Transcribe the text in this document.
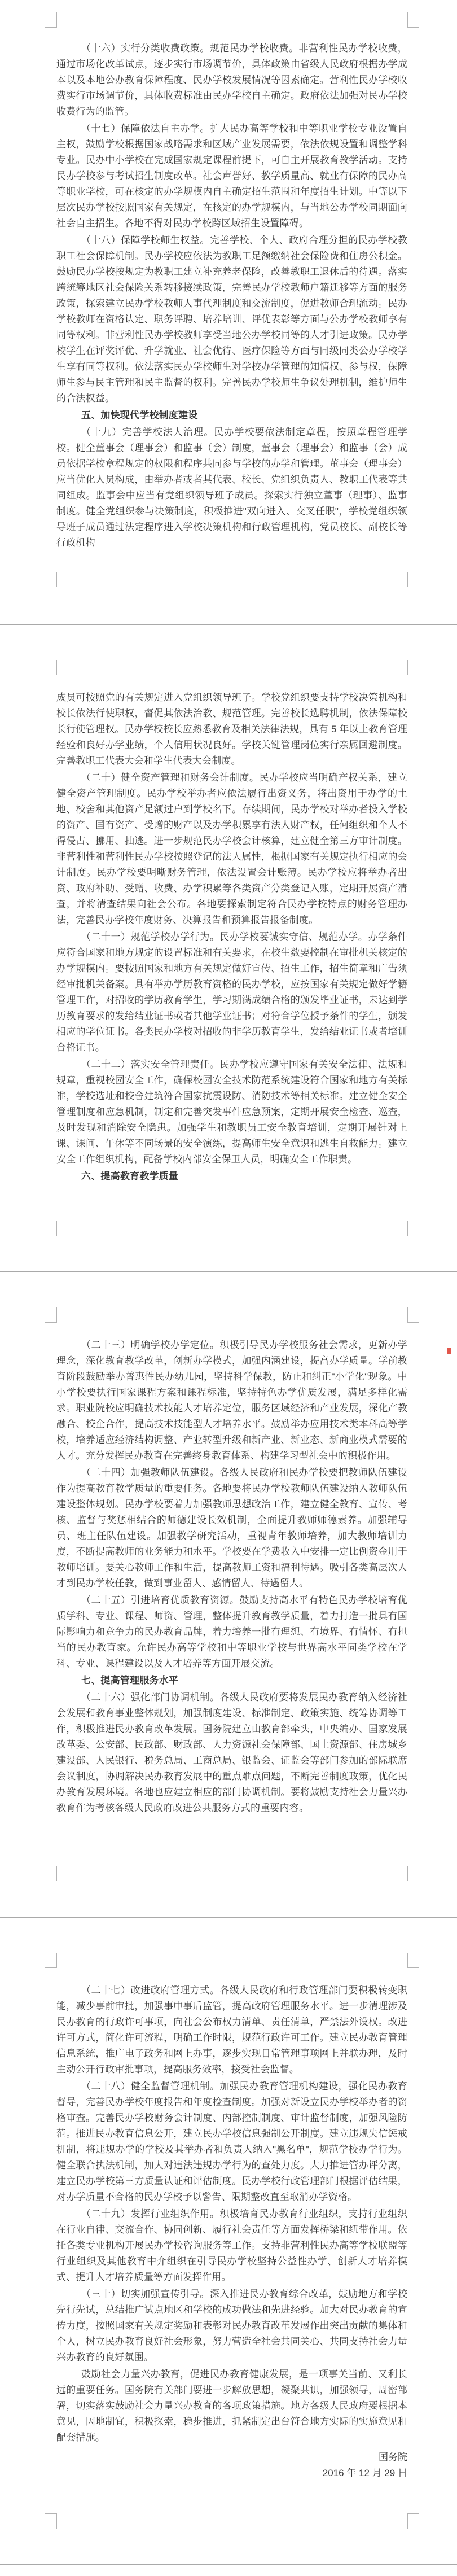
（十六）实行分类收费政策。规范民办学校收费。非营利性民办学校收费，通过市场化改革试点，逐步实行市场调节价，具体政策由省级人民政府根据办学成本以及本地公办教育保障程度、民办学校发展情况等因素确定。营利性民办学校收费实行市场调节价，具体收费标准由民办学校自主确定。政府依法加强对民办学校收费行为的监管。
（十七）保障依法自主办学。扩大民办高等学校和中等职业学校专业设置自主权，鼓励学校根据国家战略需求和区域产业发展需要，依法依规设置和调整学科专业。民办中小学校在完成国家规定课程前提下，可自主开展教育教学活动。支持民办学校参与考试招生制度改革。社会声誉好、教学质量高、就业有保障的民办高等职业学校，可在核定的办学规模内自主确定招生范围和年度招生计划。中等以下层次民办学校按照国家有关规定，在核定的办学规模内，与当地公办学校同期面向社会自主招生。各地不得对民办学校跨区域招生设置障碍。
（十八）保障学校师生权益。完善学校、个人、政府合理分担的民办学校教职工社会保障机制。民办学校应依法为教职工足额缴纳社会保险费和住房公积金。鼓励民办学校按规定为教职工建立补充养老保险，改善教职工退休后的待遇。落实跨统筹地区社会保险关系转移接续政策，完善民办学校教师户籍迁移等方面的服务政策，探索建立民办学校教师人事代理制度和交流制度，促进教师合理流动。民办学校教师在资格认定、职务评聘、培养培训、评优表彰等方面与公办学校教师享有同等权利。非营利性民办学校教师享受当地公办学校同等的人才引进政策。民办学校学生在评奖评优、升学就业、社会优待、医疗保险等方面与同级同类公办学校学生享有同等权利。依法落实民办学校师生对学校办学管理的知情权、参与权，保障师生参与民主管理和民主监督的权利。完善民办学校师生争议处理机制，维护师生的合法权益。
五、加快现代学校制度建设
（十九）完善学校法人治理。民办学校要依法制定章程，按照章程管理学校。健全董事会（理事会）和监事（会）制度，董事会（理事会）和监事（会）成员依据学校章程规定的权限和程序共同参与学校的办学和管理。董事会（理事会）应当优化人员构成，由举办者或者其代表、校长、党组织负责人、教职工代表等共同组成。监事会中应当有党组织领导班子成员。探索实行独立董事（理事）、监事制度。健全党组织参与决策制度，积极推进"双向进入、交叉任职"，学校党组织领导班子成员通过法定程序进入学校决策机构和行政管理机构，党员校长、副校长等行政机构
成员可按照党的有关规定进入党组织领导班子。学校党组织要支持学校决策机构和校长依法行使职权，督促其依法治教、规范管理。完善校长选聘机制，依法保障校长行使管理权。民办学校校长应熟悉教育及相关法律法规，具有 5 年以上教育管理经验和良好办学业绩，个人信用状况良好。学校关键管理岗位实行亲属回避制度。完善教职工代表大会和学生代表大会制度。
（二十）健全资产管理和财务会计制度。民办学校应当明确产权关系，建立健全资产管理制度。民办学校举办者应依法履行出资义务，将出资用于办学的土地、校舍和其他资产足额过户到学校名下。存续期间，民办学校对举办者投入学校的资产、国有资产、受赠的财产以及办学积累享有法人财产权，任何组织和个人不得侵占、挪用、抽逃。进一步规范民办学校会计核算，建立健全第三方审计制度。非营利性和营利性民办学校按照登记的法人属性，根据国家有关规定执行相应的会计制度。民办学校要明晰财务管理，依法设置会计账簿。民办学校应将举办者出资、政府补助、受赠、收费、办学积累等各类资产分类登记入账，定期开展资产清查，并将清查结果向社会公布。各地要探索制定符合民办学校特点的财务管理办法，完善民办学校年度财务、决算报告和预算报告报备制度。
（二十一）规范学校办学行为。民办学校要诚实守信、规范办学。办学条件应符合国家和地方规定的设置标准和有关要求，在校生数要控制在审批机关核定的办学规模内。要按照国家和地方有关规定做好宣传、招生工作，招生简章和广告须经审批机关备案。具有举办学历教育资格的民办学校，应按国家有关规定做好学籍管理工作，对招收的学历教育学生，学习期满成绩合格的颁发毕业证书，未达到学历教育要求的发给结业证书或者其他学业证书；对符合学位授予条件的学生，颁发相应的学位证书。各类民办学校对招收的非学历教育学生，发给结业证书或者培训合格证书。
（二十二）落实安全管理责任。民办学校应遵守国家有关安全法律、法规和规章，重视校园安全工作，确保校园安全技术防范系统建设符合国家和地方有关标准，学校选址和校舍建筑符合国家抗震设防、消防技术等相关标准。建立健全安全管理制度和应急机制，制定和完善突发事件应急预案，定期开展安全检查、巡查，及时发现和消除安全隐患。加强学生和教职员工安全教育培训，定期开展针对上课、课间、午休等不同场景的安全演练，提高师生安全意识和逃生自救能力。建立安全工作组织机构，配备学校内部安全保卫人员，明确安全工作职责。
六、提高教育教学质量
（二十三）明确学校办学定位。积极引导民办学校服务社会需求，更新办学理念，深化教育教学改革，创新办学模式，加强内涵建设，提高办学质量。学前教育阶段鼓励举办普惠性民办幼儿园，坚持科学保教，防止和纠正"小学化"现象。中小学校要执行国家课程方案和课程标准，坚持特色办学优质发展，满足多样化需求。职业院校应明确技术技能人才培养定位，服务区域经济和产业发展，深化产教融合、校企合作，提高技术技能型人才培养水平。鼓励举办应用技术类本科高等学校，培养适应经济结构调整、产业转型升级和新产业、新业态、新商业模式需要的人才。充分发挥民办教育在完善终身教育体系、构建学习型社会中的积极作用。
（二十四）加强教师队伍建设。各级人民政府和民办学校要把教师队伍建设作为提高教育教学质量的重要任务。各地要将民办学校教师队伍建设纳入教师队伍建设整体规划。民办学校要着力加强教师思想政治工作，建立健全教育、宣传、考核、监督与奖惩相结合的师德建设长效机制，全面提升教师师德素养。加强辅导员、班主任队伍建设。加强教学研究活动，重视青年教师培养，加大教师培训力度，不断提高教师的业务能力和水平。学校要在学费收入中安排一定比例资金用于教师培训。要关心教师工作和生活，提高教师工资和福利待遇。吸引各类高层次人才到民办学校任教，做到事业留人、感情留人、待遇留人。
（二十五）引进培育优质教育资源。鼓励支持高水平有特色民办学校培育优质学科、专业、课程、师资、管理，整体提升教育教学质量，着力打造一批具有国际影响力和竞争力的民办教育品牌，着力培养一批有理想、有境界、有情怀、有担当的民办教育家。允许民办高等学校和中等职业学校与世界高水平同类学校在学科、专业、课程建设以及人才培养等方面开展交流。
七、提高管理服务水平
（二十六）强化部门协调机制。各级人民政府要将发展民办教育纳入经济社会发展和教育事业整体规划，加强制度建设、标准制定、政策实施、统筹协调等工作，积极推进民办教育改革发展。国务院建立由教育部牵头，中央编办、国家发展改革委、公安部、民政部、财政部、人力资源社会保障部、国土资源部、住房城乡建设部、人民银行、税务总局、工商总局、银监会、证监会等部门参加的部际联席会议制度，协调解决民办教育发展中的重点难点问题，不断完善制度政策，优化民办教育发展环境。各地也应建立相应的部门协调机制。要将鼓励支持社会力量兴办教育作为考核各级人民政府改进公共服务方式的重要内容。
（二十七）改进政府管理方式。各级人民政府和行政管理部门要积极转变职能，减少事前审批，加强事中事后监管，提高政府管理服务水平。进一步清理涉及民办教育的行政许可事项，向社会公布权力清单、责任清单，严禁法外设权。改进许可方式，简化许可流程，明确工作时限，规范行政许可工作。建立民办教育管理信息系统，推广电子政务和网上办事，逐步实现日常管理事项网上并联办理，及时主动公开行政审批事项，提高服务效率，接受社会监督。
（二十八）健全监督管理机制。加强民办教育管理机构建设，强化民办教育督导，完善民办学校年度报告和年度检查制度。加强对新设立民办学校举办者的资格审查。完善民办学校财务会计制度、内部控制制度、审计监督制度，加强风险防范。推进民办教育信息公开，建立民办学校信息强制公开制度。建立违规失信惩戒机制，将违规办学的学校及其举办者和负责人纳入"黑名单"，规范学校办学行为。健全联合执法机制，加大对违法违规办学行为的查处力度。大力推进管办评分离，建立民办学校第三方质量认证和评估制度。民办学校行政管理部门根据评估结果，对办学质量不合格的民办学校予以警告、限期整改直至取消办学资格。
（二十九）发挥行业组织作用。积极培育民办教育行业组织，支持行业组织在行业自律、交流合作、协同创新、履行社会责任等方面发挥桥梁和纽带作用。依托各类专业机构开展民办学校咨询服务等工作。支持非营利性民办高等学校联盟等行业组织及其他教育中介组织在引导民办学校坚持公益性办学、创新人才培养模式、提升人才培养质量等方面发挥作用。
（三十）切实加强宣传引导。深入推进民办教育综合改革，鼓励地方和学校先行先试，总结推广试点地区和学校的成功做法和先进经验。加大对民办教育的宣传力度，按照国家有关规定奖励和表彰对民办教育改革发展作出突出贡献的集体和个人，树立民办教育良好社会形象，努力营造全社会共同关心、共同支持社会力量兴办教育的良好氛围。
鼓励社会力量兴办教育，促进民办教育健康发展，是一项事关当前、又利长远的重要任务。国务院有关部门要进一步解放思想，凝聚共识，加强领导，周密部署，切实落实鼓励社会力量兴办教育的各项政策措施。地方各级人民政府要根据本意见，因地制宜，积极探索，稳步推进，抓紧制定出台符合地方实际的实施意见和配套措施。
国务院
2016 年 12 月 29 日
